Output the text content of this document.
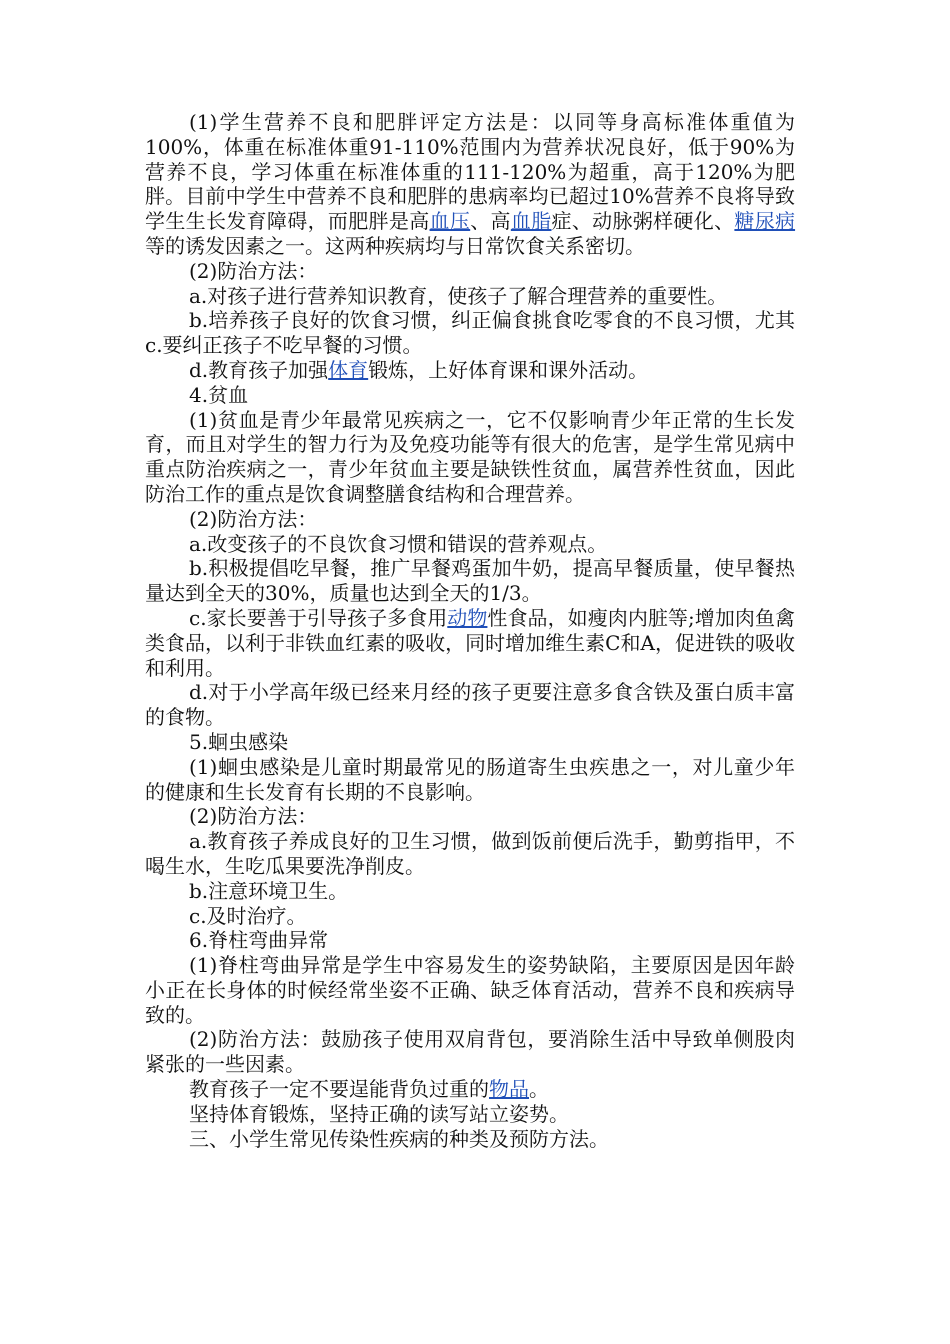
(1)学生营养不良和肥胖评定方法是：以同等身高标准体重值为100%，体重在标准体重91-110%范围内为营养状况良好，低于90%为营养不良，学习体重在标准体重的111-120%为超重，高于120%为肥胖。目前中学生中营养不良和肥胖的患病率均已超过10%营养不良将导致学生生长发育障碍，而肥胖是高血压、高血脂症、动脉粥样硬化、糖尿病等的诱发因素之一。这两种疾病均与日常饮食关系密切。

(2)防治方法：

a.对孩子进行营养知识教育，使孩子了解合理营养的重要性。

b.培养孩子良好的饮食习惯，纠正偏食挑食吃零食的不良习惯，尤其c.要纠正孩子不吃早餐的习惯。

d.教育孩子加强体育锻炼，上好体育课和课外活动。

4.贫血

(1)贫血是青少年最常见疾病之一，它不仅影响青少年正常的生长发育，而且对学生的智力行为及免疫功能等有很大的危害，是学生常见病中重点防治疾病之一，青少年贫血主要是缺铁性贫血，属营养性贫血，因此防治工作的重点是饮食调整膳食结构和合理营养。

(2)防治方法：

a.改变孩子的不良饮食习惯和错误的营养观点。

b.积极提倡吃早餐，推广早餐鸡蛋加牛奶，提高早餐质量，使早餐热量达到全天的30%，质量也达到全天的1/3。

c.家长要善于引导孩子多食用动物性食品，如瘦肉内脏等;增加肉鱼禽类食品，以利于非铁血红素的吸收，同时增加维生素C和A，促进铁的吸收和利用。

d.对于小学高年级已经来月经的孩子更要注意多食含铁及蛋白质丰富的食物。

5.蛔虫感染

(1)蛔虫感染是儿童时期最常见的肠道寄生虫疾患之一，对儿童少年的健康和生长发育有长期的不良影响。

(2)防治方法：

a.教育孩子养成良好的卫生习惯，做到饭前便后洗手，勤剪指甲，不喝生水，生吃瓜果要洗净削皮。

b.注意环境卫生。

c.及时治疗。

6.脊柱弯曲异常

(1)脊柱弯曲异常是学生中容易发生的姿势缺陷，主要原因是因年龄小正在长身体的时候经常坐姿不正确、缺乏体育活动，营养不良和疾病导致的。

(2)防治方法：鼓励孩子使用双肩背包，要消除生活中导致单侧股肉紧张的一些因素。

教育孩子一定不要逞能背负过重的物品。

坚持体育锻炼，坚持正确的读写站立姿势。

三、小学生常见传染性疾病的种类及预防方法。
